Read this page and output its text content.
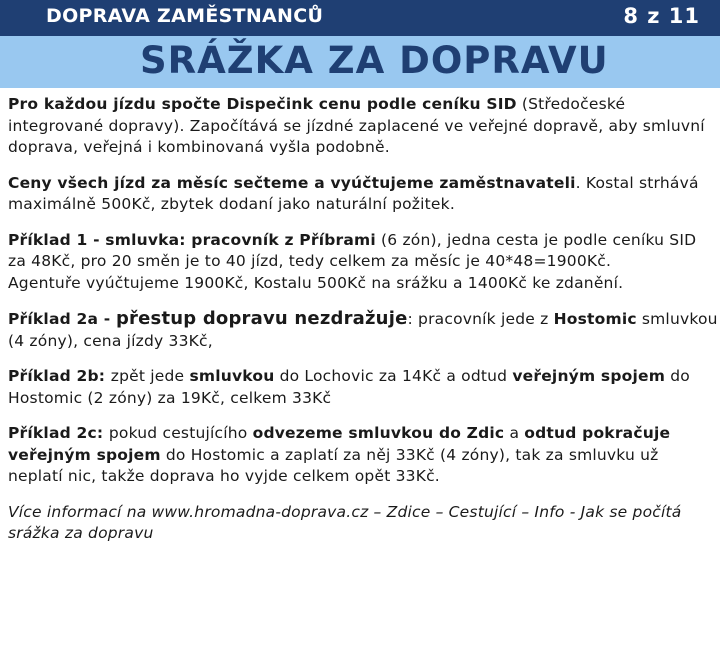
DOPRAVA ZAMĚSTNANCŮ	8 z 11
SRÁŽKA ZA DOPRAVU

Pro každou jízdu spočte Dispečink cenu podle ceníku SID (Středočeské integrované dopravy). Započítává se jízdné zaplacené ve veřejné dopravě, aby smluvní doprava, veřejná i kombinovaná vyšla podobně.

Ceny všech jízd za měsíc sečteme a vyúčtujeme zaměstnavateli. Kostal strhává maximálně 500Kč, zbytek dodaní jako naturální požitek.

Příklad 1 - smluvka: pracovník z Příbrami (6 zón), jedna cesta je podle ceníku SID za 48Kč, pro 20 směn je to 40 jízd, tedy celkem za měsíc je 40*48=1900Kč.
Agentuře vyúčtujeme 1900Kč, Kostalu 500Kč na srážku a 1400Kč ke zdanění.

Příklad 2a - přestup dopravu nezdražuje: pracovník jede z Hostomic smluvkou (4 zóny), cena jízdy 33Kč,

Příklad 2b: zpět jede smluvkou do Lochovic za 14Kč a odtud veřejným spojem do Hostomic (2 zóny) za 19Kč, celkem 33Kč

Příklad 2c: pokud cestujícího odvezeme smluvkou do Zdic a odtud pokračuje veřejným spojem do Hostomic a zaplatí za něj 33Kč (4 zóny), tak za smluvku už neplatí nic, takže doprava ho vyjde celkem opět 33Kč.

Více informací na www.hromadna-doprava.cz – Zdice – Cestující – Info - Jak se počítá srážka za dopravu
